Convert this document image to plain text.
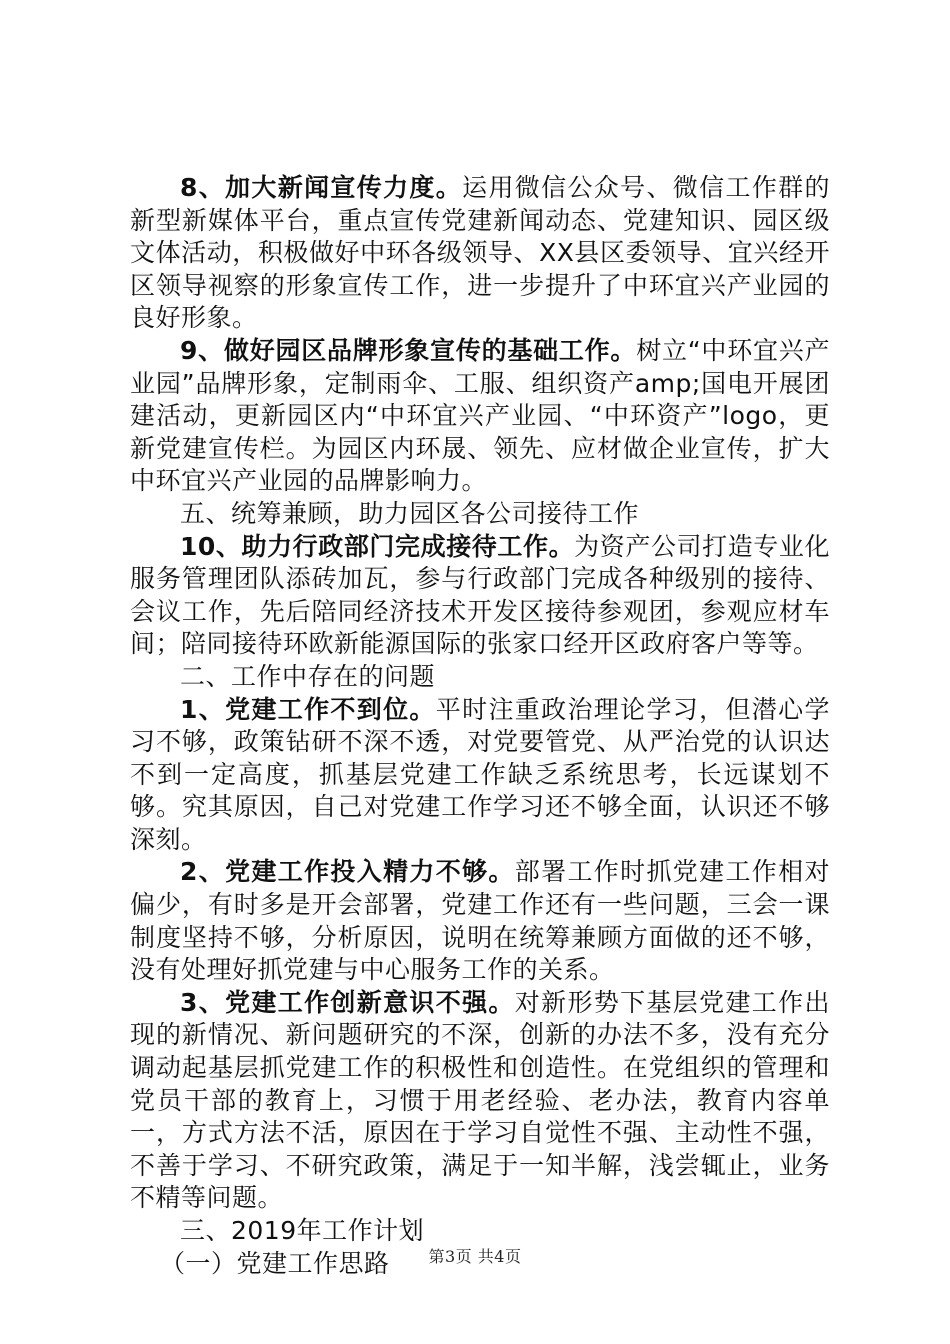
8、加大新闻宣传力度。运用微信公众号、微信工作群的新型新媒体平台，重点宣传党建新闻动态、党建知识、园区级文体活动，积极做好中环各级领导、XX县区委领导、宜兴经开区领导视察的形象宣传工作，进一步提升了中环宜兴产业园的良好形象。

9、做好园区品牌形象宣传的基础工作。树立“中环宜兴产业园”品牌形象，定制雨伞、工服、组织资产amp;国电开展团建活动，更新园区内“中环宜兴产业园、“中环资产”logo，更新党建宣传栏。为园区内环晟、领先、应材做企业宣传，扩大中环宜兴产业园的品牌影响力。

五、统筹兼顾，助力园区各公司接待工作

10、助力行政部门完成接待工作。为资产公司打造专业化服务管理团队添砖加瓦，参与行政部门完成各种级别的接待、会议工作，先后陪同经济技术开发区接待参观团，参观应材车间；陪同接待环欧新能源国际的张家口经开区政府客户等等。

二、工作中存在的问题

1、党建工作不到位。平时注重政治理论学习，但潜心学习不够，政策钻研不深不透，对党要管党、从严治党的认识达不到一定高度，抓基层党建工作缺乏系统思考，长远谋划不够。究其原因，自己对党建工作学习还不够全面，认识还不够深刻。

2、党建工作投入精力不够。部署工作时抓党建工作相对偏少，有时多是开会部署，党建工作还有一些问题，三会一课制度坚持不够，分析原因，说明在统筹兼顾方面做的还不够，没有处理好抓党建与中心服务工作的关系。

3、党建工作创新意识不强。对新形势下基层党建工作出现的新情况、新问题研究的不深，创新的办法不多，没有充分调动起基层抓党建工作的积极性和创造性。在党组织的管理和党员干部的教育上，习惯于用老经验、老办法，教育内容单一，方式方法不活，原因在于学习自觉性不强、主动性不强，不善于学习、不研究政策，满足于一知半解，浅尝辄止，业务不精等问题。

三、2019年工作计划

（一）党建工作思路	第3页 共4页
